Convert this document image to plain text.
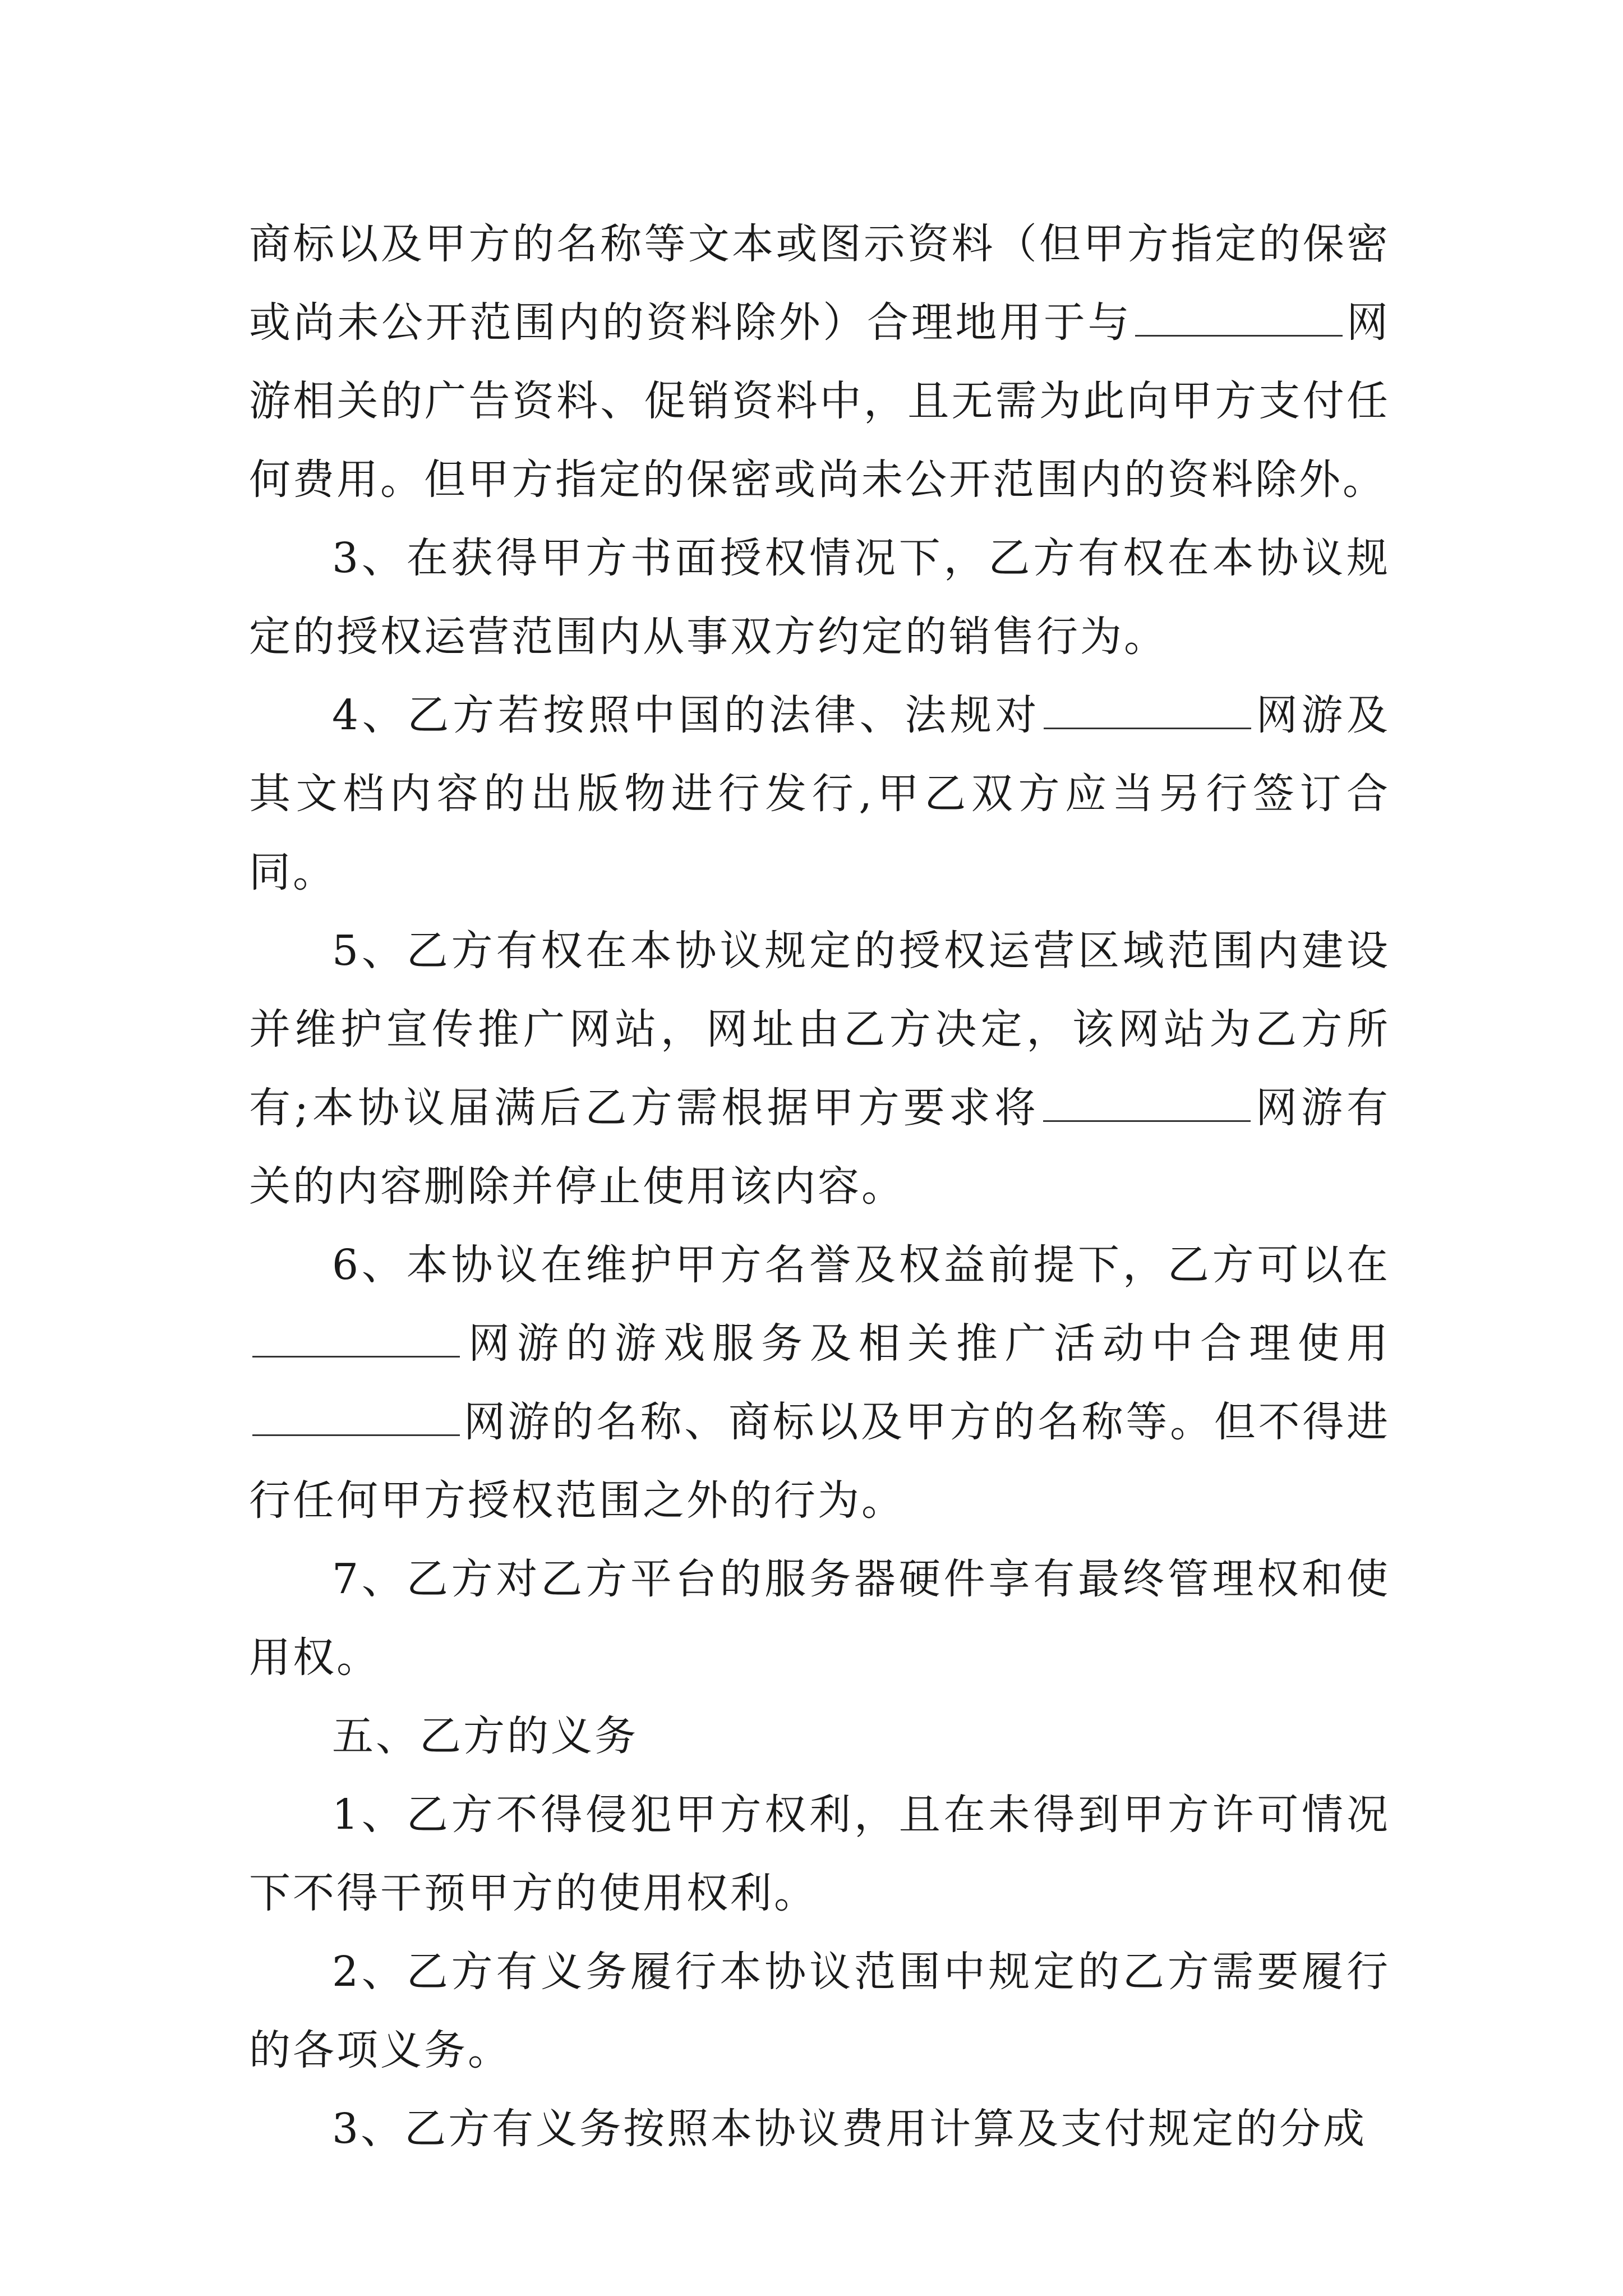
商标以及甲方的名称等文本或图示资料（但甲方指定的保密或尚未公开范围内的资料除外）合理地用于与	网游相关的广告资料、促销资料中，且无需为此向甲方支付任何费用。但甲方指定的保密或尚未公开范围内的资料除外。

3、在获得甲方书面授权情况下，乙方有权在本协议规定的授权运营范围内从事双方约定的销售行为。

4、乙方若按照中国的法律、法规对	网游及其文档内容的出版物进行发行,甲乙双方应当另行签订合同。

5、乙方有权在本协议规定的授权运营区域范围内建设并维护宣传推广网站，网址由乙方决定，该网站为乙方所有;本协议届满后乙方需根据甲方要求将	网游有关的内容删除并停止使用该内容。

6、本协议在维护甲方名誉及权益前提下，乙方可以在网游的游戏服务及相关推广活动中合理使用网游的名称、商标以及甲方的名称等。但不得进行任何甲方授权范围之外的行为。

7、乙方对乙方平台的服务器硬件享有最终管理权和使用权。

五、乙方的义务

1、乙方不得侵犯甲方权利，且在未得到甲方许可情况下不得干预甲方的使用权利。

2、乙方有义务履行本协议范围中规定的乙方需要履行的各项义务。

3、乙方有义务按照本协议费用计算及支付规定的分成
